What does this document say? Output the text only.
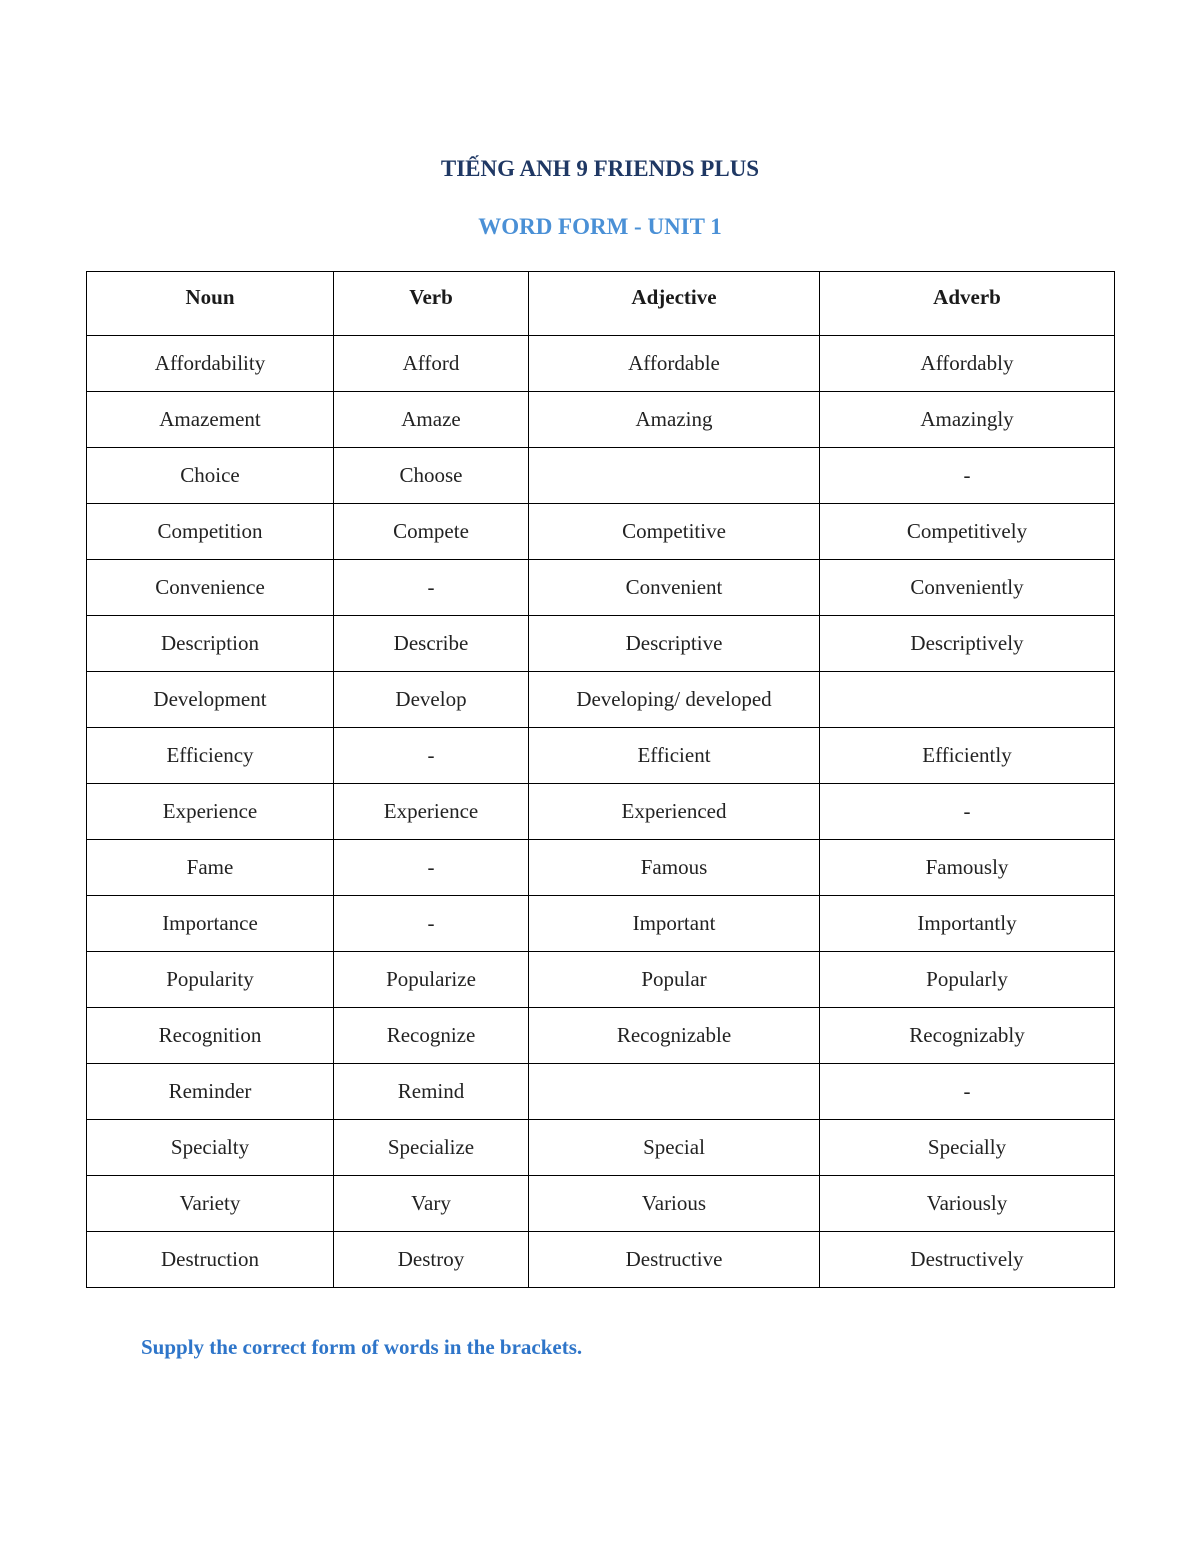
TIẾNG ANH 9 FRIENDS PLUS
WORD FORM - UNIT 1
Noun	Verb	Adjective	Adverb
Affordability	Afford	Affordable	Affordably
Amazement	Amaze	Amazing	Amazingly
Choice	Choose		-
Competition	Compete	Competitive	Competitively
Convenience	-	Convenient	Conveniently
Description	Describe	Descriptive	Descriptively
Development	Develop	Developing/ developed	
Efficiency	-	Efficient	Efficiently
Experience	Experience	Experienced	-
Fame	-	Famous	Famously
Importance	-	Important	Importantly
Popularity	Popularize	Popular	Popularly
Recognition	Recognize	Recognizable	Recognizably
Reminder	Remind		-
Specialty	Specialize	Special	Specially
Variety	Vary	Various	Variously
Destruction	Destroy	Destructive	Destructively

Supply the correct form of words in the brackets.
